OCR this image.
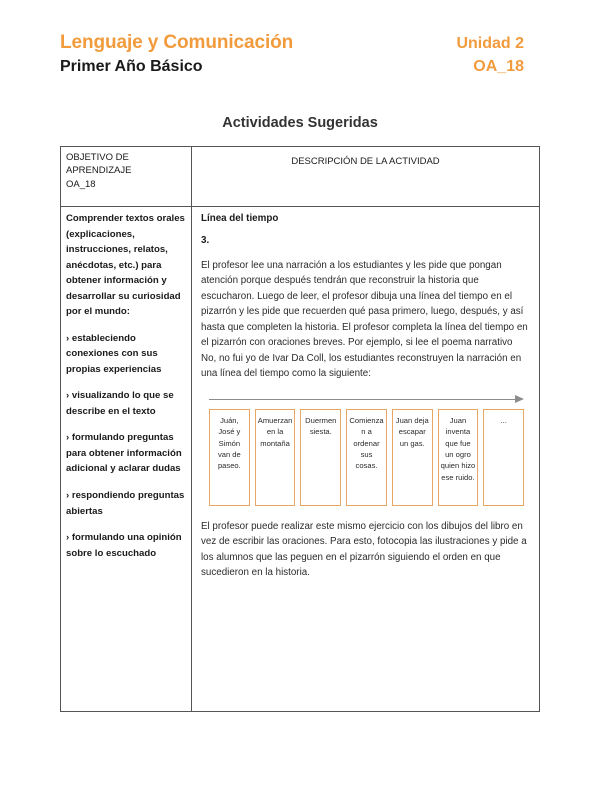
Lenguaje y Comunicación	Unidad 2
Primer Año Básico	OA_18
Actividades Sugeridas
OBJETIVO DE
APRENDIZAJE
OA_18
DESCRIPCIÓN DE LA ACTIVIDAD

Comprender textos orales (explicaciones, instrucciones, relatos, anécdotas, etc.) para obtener información y desarrollar su curiosidad por el mundo:

› estableciendo conexiones con sus propias experiencias

› visualizando lo que se describe en el texto

› formulando preguntas para obtener información adicional y aclarar dudas

› respondiendo preguntas abiertas

› formulando una opinión sobre lo escuchado

Línea del tiempo

3.

El profesor lee una narración a los estudiantes y les pide que pongan atención porque después tendrán que reconstruir la historia que escucharon. Luego de leer, el profesor dibuja una línea del tiempo en el pizarrón y les pide que recuerden qué pasa primero, luego, después, y así hasta que completen la historia. El profesor completa la línea del tiempo en el pizarrón con oraciones breves. Por ejemplo, si lee el poema narrativo No, no fui yo de Ivar Da Coll, los estudiantes reconstruyen la narración en una línea del tiempo como la siguiente:

Juán, José y Simón van de paseo.
Amuerzan en la montaña
Duermen siesta.
Comienzan a ordenar sus cosas.
Juan deja escapar un gas.
Juan inventa que fue un ogro quien hizo ese ruido.
...

El profesor puede realizar este mismo ejercicio con los dibujos del libro en vez de escribir las oraciones. Para esto, fotocopia las ilustraciones y pide a los alumnos que las peguen en el pizarrón siguiendo el orden en que sucedieron en la historia.
